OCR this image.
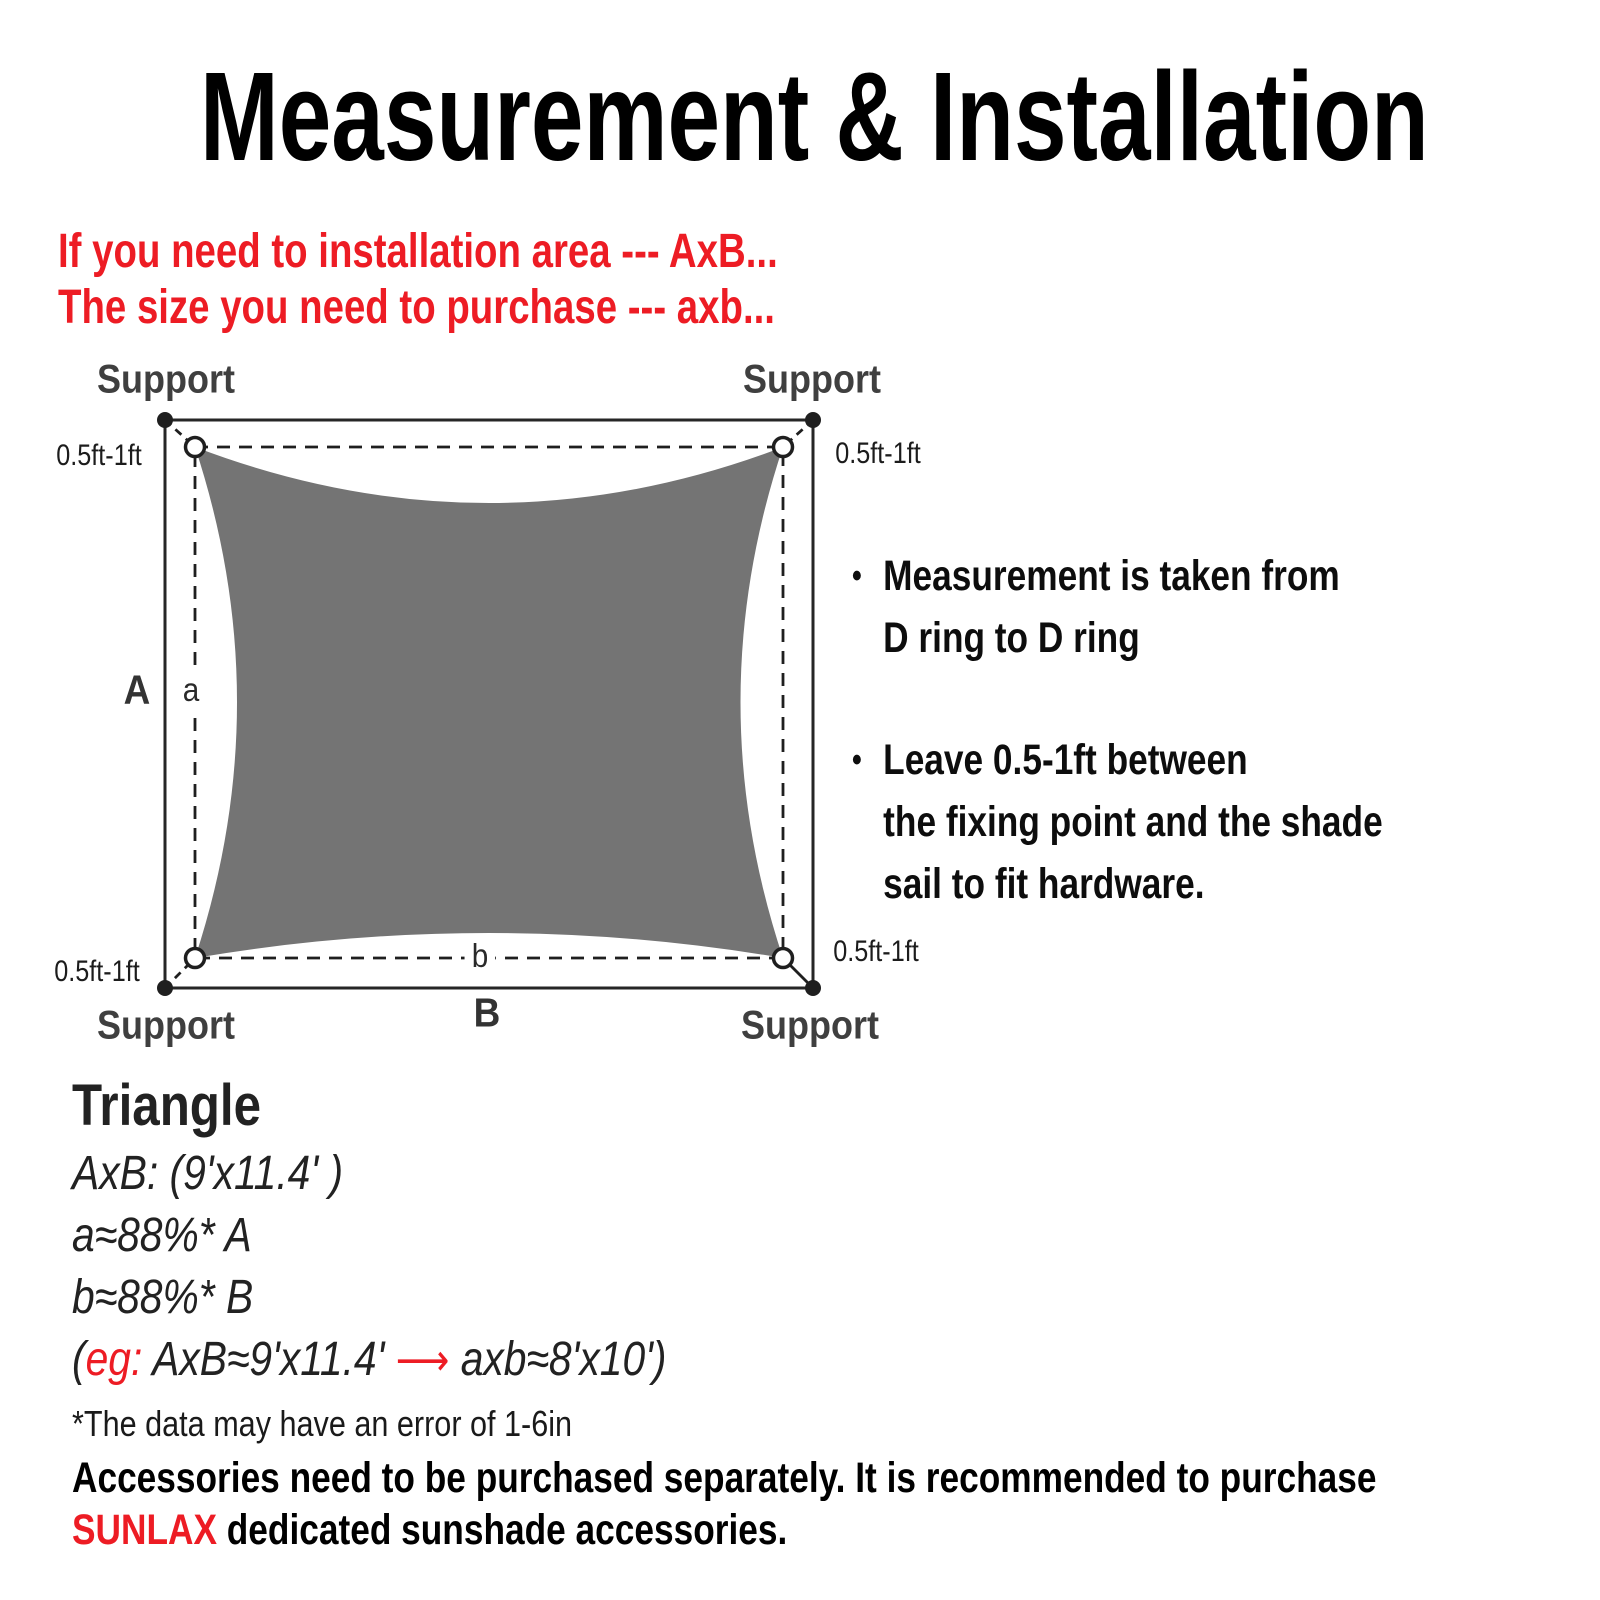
Measurement & Installation
If you need to installation area --- AxB...
The size you need to purchase --- axb...
Support	Support
Support	Support
0.5ft-1ft	0.5ft-1ft
0.5ft-1ft
0.5ft-1ft
A a
b
B
• Measurement is taken from
D ring to D ring
• Leave 0.5-1ft between
the fixing point and the shade
sail to fit hardware.
Triangle
AxB: (9'x11.4' )
a≈88%* A
b≈88%* B
(eg: AxB≈9'x11.4' ⟶ axb≈8'x10')
*The data may have an error of 1-6in
Accessories need to be purchased separately. It is recommended to purchase
SUNLAX dedicated sunshade accessories.
